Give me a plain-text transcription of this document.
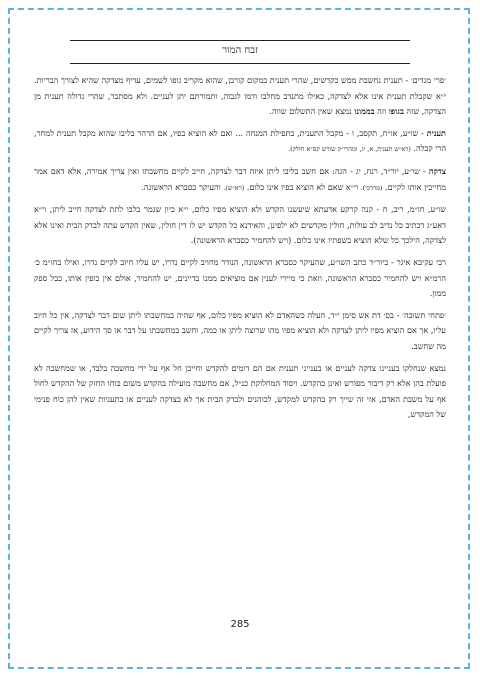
זבח המור

׳פרי מגדים׳ - תענית נחשבת ממש כקדשים, שהרי תענית במקום קורבן, שהוא מקריב גופו לשמים, עדיף מצדקה שהיא לצורך הבריות. י״א שקבלת תענית אינו אלא לצדקה, כאילו מתנדב מחלבו ודמו לגבוה, ותמורתם יתן לעניים. ולא מסתבר, שהרי גדולה תענית מן הצדקה, שזה בגופו וזה בממונו נמצא שאין התשלום שווה.

תענית - שו״ע, או״ח, תקסב, ו - מקבל התענית, בתפילת המנחה ... ואם לא הוציא בפיו, אם הרהר בליבו שהוא מקבל תענית למחר, הרי קבלה. (רא״ש תענית, א, יג, ומהרי״ק שורש קס״א חולק).

צדקה - שו״ע, יור״ד, רנח, יג - הגה: אם חשב בליבו ליתן איזה דבר לצדקה, חייב לקיים מחשבתו ואין צריך אמירה, אלא דאם אמר מחייבין אותו לקיים. (מרדכי). וי״א שאם לא הוציא בפיו אינו כלום. (רא״ש). והעיקר כסברא הראשונה.

שו״ע, חו״מ, ריב, ח - קנה קרקע אדעתא שיעשנו הקדש ולא הוציא מפיו כלום, י״א כיון שגמר בלבו לתת לצדקה חייב ליתן, וי״א דאע״ג דכתיב כל נדיב לב עולות, חולין מקדשים לא ילפינן, והאידנא כל הקדש יש לו דין חולין, שאין הקדש עתה לבדק הבית ואינו אלא לצדקה, הילכך כל שלא הוציא בשפתיו אינו כלום. (ויש להחמיר כסברא הראשונה).

רבי עקיבא איגר - ביור״ד כתב השו״ע, שהעיקר כסברא הראשונה, הנודר מחויב לקיים נדרו, יש עליו חיוב לקיים נדרו, ואילו בחו״מ כ׳ הרמ״א ויש להחמיר כסברא הראשונה, וזאת כי מיירי לענין אם מוציאים ממנו בדיינים, יש להחמיר, אולם אין כופין אותו, כבל ספק ממון.

׳פתחי תשובה׳ - בס׳ דת אש סימן י״ד, העלה כשהאדם לא הוציא מפיו כלום, אף שהיה במחשבתו ליתן שום דבר לצדקה, אין כל חיוב עליו, אך אם הוציא מפיו ליתן לצדקה ולא הוציא מפיו מהו שרוצה ליתן או כמה, וחשב במחשבתו על דבר או סך הידוע, אז צריך לקיים מה שחשב.

נמצא שנחלקו בעניינו צדקה לעניים או בענייני תענית אם הם דומים להקדש וחייבן חל אף על ידי מחשבה בלבד, או שמחשבה לא פועלת בהן אלא רק דיבור מפורש ואינן כהקדש. ויסוד המחלוקת כנ״ל, אם מחשבה מועילה בהקדש משום כוחו החזק של ההקדש לחול אף על משבת האדם, אזי זה שייך רק בהקדש למקדש, לכוהנים ולבדק הבית אך לא בצדקה לעניים או בתעניות שאין להן כוח פנימי של המקדש,

285
